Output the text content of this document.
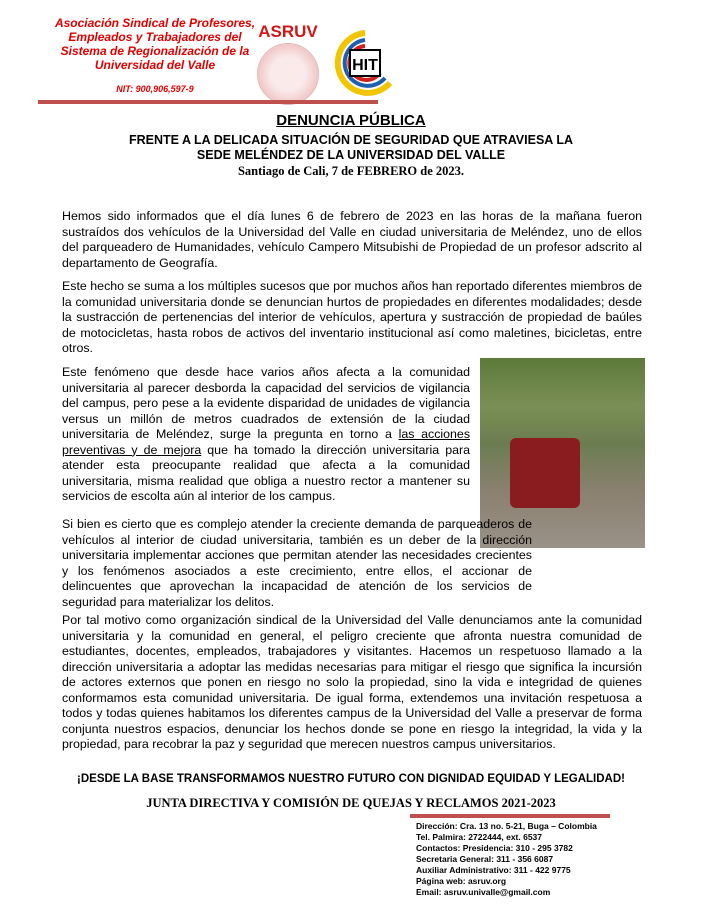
Asociación Sindical de Profesores, Empleados y Trabajadores del Sistema de Regionalización de la Universidad del Valle
NIT: 900,906,597-9
ASRUV
HIT
DENUNCIA PÚBLICA
FRENTE A LA DELICADA SITUACIÓN DE SEGURIDAD QUE ATRAVIESA LA SEDE MELÉNDEZ DE LA UNIVERSIDAD DEL VALLE
Santiago de Cali, 7 de FEBRERO de 2023.
Hemos sido informados que el día lunes 6 de febrero de 2023 en las horas de la mañana fueron sustraídos dos vehículos de la Universidad del Valle en ciudad universitaria de Meléndez, uno de ellos del parqueadero de Humanidades, vehículo Campero Mitsubishi de Propiedad de un profesor adscrito al departamento de Geografía.
Este hecho se suma a los múltiples sucesos que por muchos años han reportado diferentes miembros de la comunidad universitaria donde se denuncian hurtos de propiedades en diferentes modalidades; desde la sustracción de pertenencias del interior de vehículos, apertura y sustracción de propiedad de baúles de motocicletas, hasta robos de activos del inventario institucional así como maletines, bicicletas, entre otros.
Este fenómeno que desde hace varios años afecta a la comunidad universitaria al parecer desborda la capacidad del servicios de vigilancia del campus, pero pese a la evidente disparidad de unidades de vigilancia versus un millón de metros cuadrados de extensión de la ciudad universitaria de Meléndez, surge la pregunta en torno a las acciones preventivas y de mejora que ha tomado la dirección universitaria para atender esta preocupante realidad que afecta a la comunidad universitaria, misma realidad que obliga a nuestro rector a mantener su servicios de escolta aún al interior de los campus.
Si bien es cierto que es complejo atender la creciente demanda de parqueaderos de vehículos al interior de ciudad universitaria, también es un deber de la dirección universitaria implementar acciones que permitan atender las necesidades crecientes y los fenómenos asociados a este crecimiento, entre ellos, el accionar de delincuentes que aprovechan la incapacidad de atención de los servicios de seguridad para materializar los delitos.
Por tal motivo como organización sindical de la Universidad del Valle denunciamos ante la comunidad universitaria y la comunidad en general, el peligro creciente que afronta nuestra comunidad de estudiantes, docentes, empleados, trabajadores y visitantes. Hacemos un respetuoso llamado a la dirección universitaria a adoptar las medidas necesarias para mitigar el riesgo que significa la incursión de actores externos que ponen en riesgo no solo la propiedad, sino la vida e integridad de quienes conformamos esta comunidad universitaria. De igual forma, extendemos una invitación respetuosa a todos y todas quienes habitamos los diferentes campus de la Universidad del Valle a preservar de forma conjunta nuestros espacios, denunciar los hechos donde se pone en riesgo la integridad, la vida y la propiedad, para recobrar la paz y seguridad que merecen nuestros campus universitarios.
¡DESDE LA BASE TRANSFORMAMOS NUESTRO FUTURO CON DIGNIDAD EQUIDAD Y LEGALIDAD!
JUNTA DIRECTIVA Y COMISIÓN DE QUEJAS Y RECLAMOS 2021-2023
Dirección: Cra. 13 no. 5-21, Buga – Colombia
Tel. Palmira: 2722444, ext. 6537
Contactos: Presidencia: 310 - 295 3782
Secretaria General: 311 - 356 6087
Auxiliar Administrativo: 311 - 422 9775
Página web: asruv.org
Email: asruv.univalle@gmail.com
